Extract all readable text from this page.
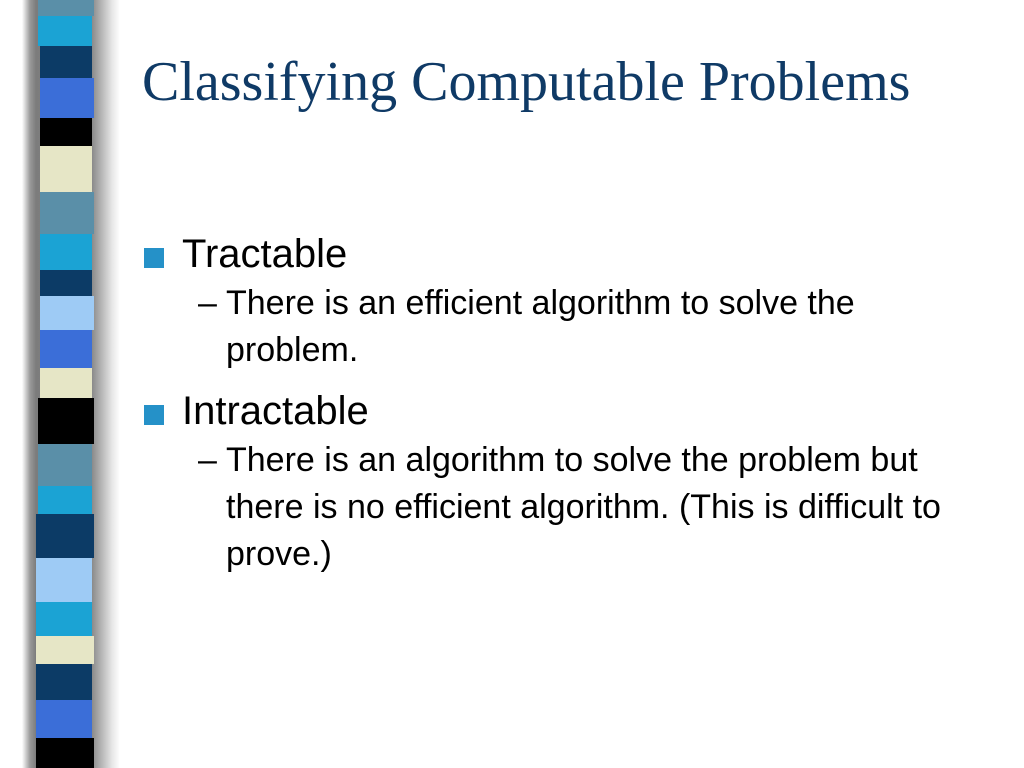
Classifying Computable Problems
Tractable
– There is an efficient algorithm to solve the problem.
Intractable
– There is an algorithm to solve the problem but there is no efficient algorithm. (This is difficult to prove.)
